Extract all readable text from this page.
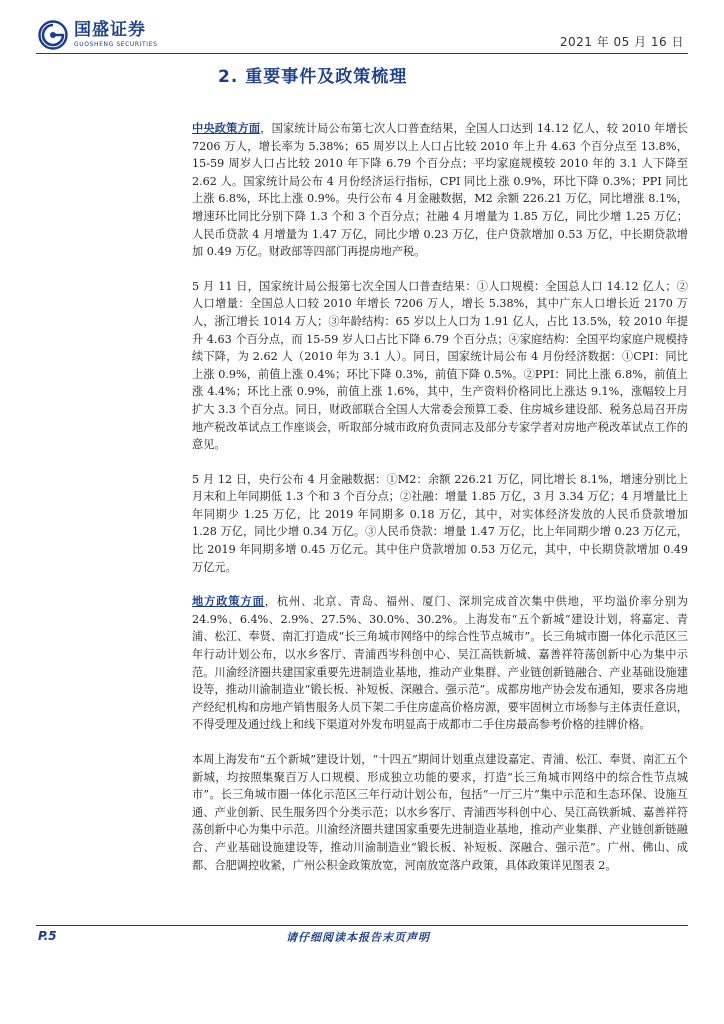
国盛证券
GUOSHENG SECURITIES	2021 年 05 月 16 日
2. 重要事件及政策梳理

中央政策方面，国家统计局公布第七次人口普查结果，全国人口达到 14.12 亿人，较 2010 年增长 7206 万人，增长率为 5.38%；65 周岁以上人口占比较 2010 年上升 4.63 个百分点至 13.8%，15-59 周岁人口占比较 2010 年下降 6.79 个百分点；平均家庭规模较 2010 年的 3.1 人下降至 2.62 人。国家统计局公布 4 月份经济运行指标，CPI 同比上涨 0.9%，环比下降 0.3%；PPI 同比上涨 6.8%，环比上涨 0.9%。央行公布 4 月金融数据，M2 余额 226.21 万亿，同比增涨 8.1%，增速环比同比分别下降 1.3 个和 3 个百分点；社融 4 月增量为 1.85 万亿，同比少增 1.25 万亿；人民币贷款 4 月增量为 1.47 万亿，同比少增 0.23 万亿，住户贷款增加 0.53 万亿，中长期贷款增加 0.49 万亿。财政部等四部门再提房地产税。

5 月 11 日，国家统计局公报第七次全国人口普查结果：①人口规模：全国总人口 14.12 亿人；②人口增量：全国总人口较 2010 年增长 7206 万人，增长 5.38%，其中广东人口增长近 2170 万人，浙江增长 1014 万人；③年龄结构：65 岁以上人口为 1.91 亿人，占比 13.5%，较 2010 年提升 4.63 个百分点，而 15-59 岁人口占比下降 6.79 个百分点；④家庭结构：全国平均家庭户规模持续下降，为 2.62 人（2010 年为 3.1 人）。同日，国家统计局公布 4 月份经济数据：①CPI：同比上涨 0.9%，前值上涨 0.4%；环比下降 0.3%，前值下降 0.5%。②PPI：同比上涨 6.8%，前值上涨 4.4%；环比上涨 0.9%，前值上涨 1.6%，其中，生产资料价格同比上涨达 9.1%，涨幅较上月扩大 3.3 个百分点。同日，财政部联合全国人大常委会预算工委、住房城乡建设部、税务总局召开房地产税改革试点工作座谈会，听取部分城市政府负责同志及部分专家学者对房地产税改革试点工作的意见。

5 月 12 日，央行公布 4 月金融数据：①M2：余额 226.21 万亿，同比增长 8.1%，增速分别比上月末和上年同期低 1.3 个和 3 个百分点；②社融：增量 1.85 万亿，3 月 3.34 万亿；4 月增量比上年同期少 1.25 万亿，比 2019 年同期多 0.18 万亿，其中，对实体经济发放的人民币贷款增加 1.28 万亿，同比少增 0.34 万亿。③人民币贷款：增量 1.47 万亿，比上年同期少增 0.23 万亿元，比 2019 年同期多增 0.45 万亿元。其中住户贷款增加 0.53 万亿元，其中，中长期贷款增加 0.49 万亿元。

地方政策方面，杭州、北京、青岛、福州、厦门、深圳完成首次集中供地，平均溢价率分别为 24.9%、6.4%、2.9%、27.5%、30.0%、30.2%。上海发布“五个新城”建设计划，将嘉定、青浦、松江、奉贤、南汇打造成“长三角城市网络中的综合性节点城市”。长三角城市圈一体化示范区三年行动计划公布，以水乡客厅、青浦西岑科创中心、吴江高铁新城、嘉善祥符荡创新中心为集中示范。川渝经济圈共建国家重要先进制造业基地，推动产业集群、产业链创新链融合、产业基础设施建设等，推动川渝制造业“锻长板、补短板、深融合、强示范”。成都房地产协会发布通知，要求各房地产经纪机构和房地产销售服务人员下架二手住房虚高价格房源，要牢固树立市场参与主体责任意识，不得受理及通过线上和线下渠道对外发布明显高于成都市二手住房最高参考价格的挂牌价格。

本周上海发布“五个新城”建设计划，“十四五”期间计划重点建设嘉定、青浦、松江、奉贤、南汇五个新城，均按照集聚百万人口规模、形成独立功能的要求，打造“长三角城市网络中的综合性节点城市”。长三角城市圈一体化示范区三年行动计划公布，包括“一厅三片”集中示范和生态环保、设施互通、产业创新、民生服务四个分类示范；以水乡客厅、青浦西岑科创中心、吴江高铁新城、嘉善祥符荡创新中心为集中示范。川渝经济圈共建国家重要先进制造业基地，推动产业集群、产业链创新链融合、产业基础设施建设等，推动川渝制造业“锻长板、补短板、深融合、强示范”。广州、佛山、成都、合肥调控收紧，广州公积金政策放宽，河南放宽落户政策，具体政策详见图表 2。

P.5	请仔细阅读本报告末页声明
